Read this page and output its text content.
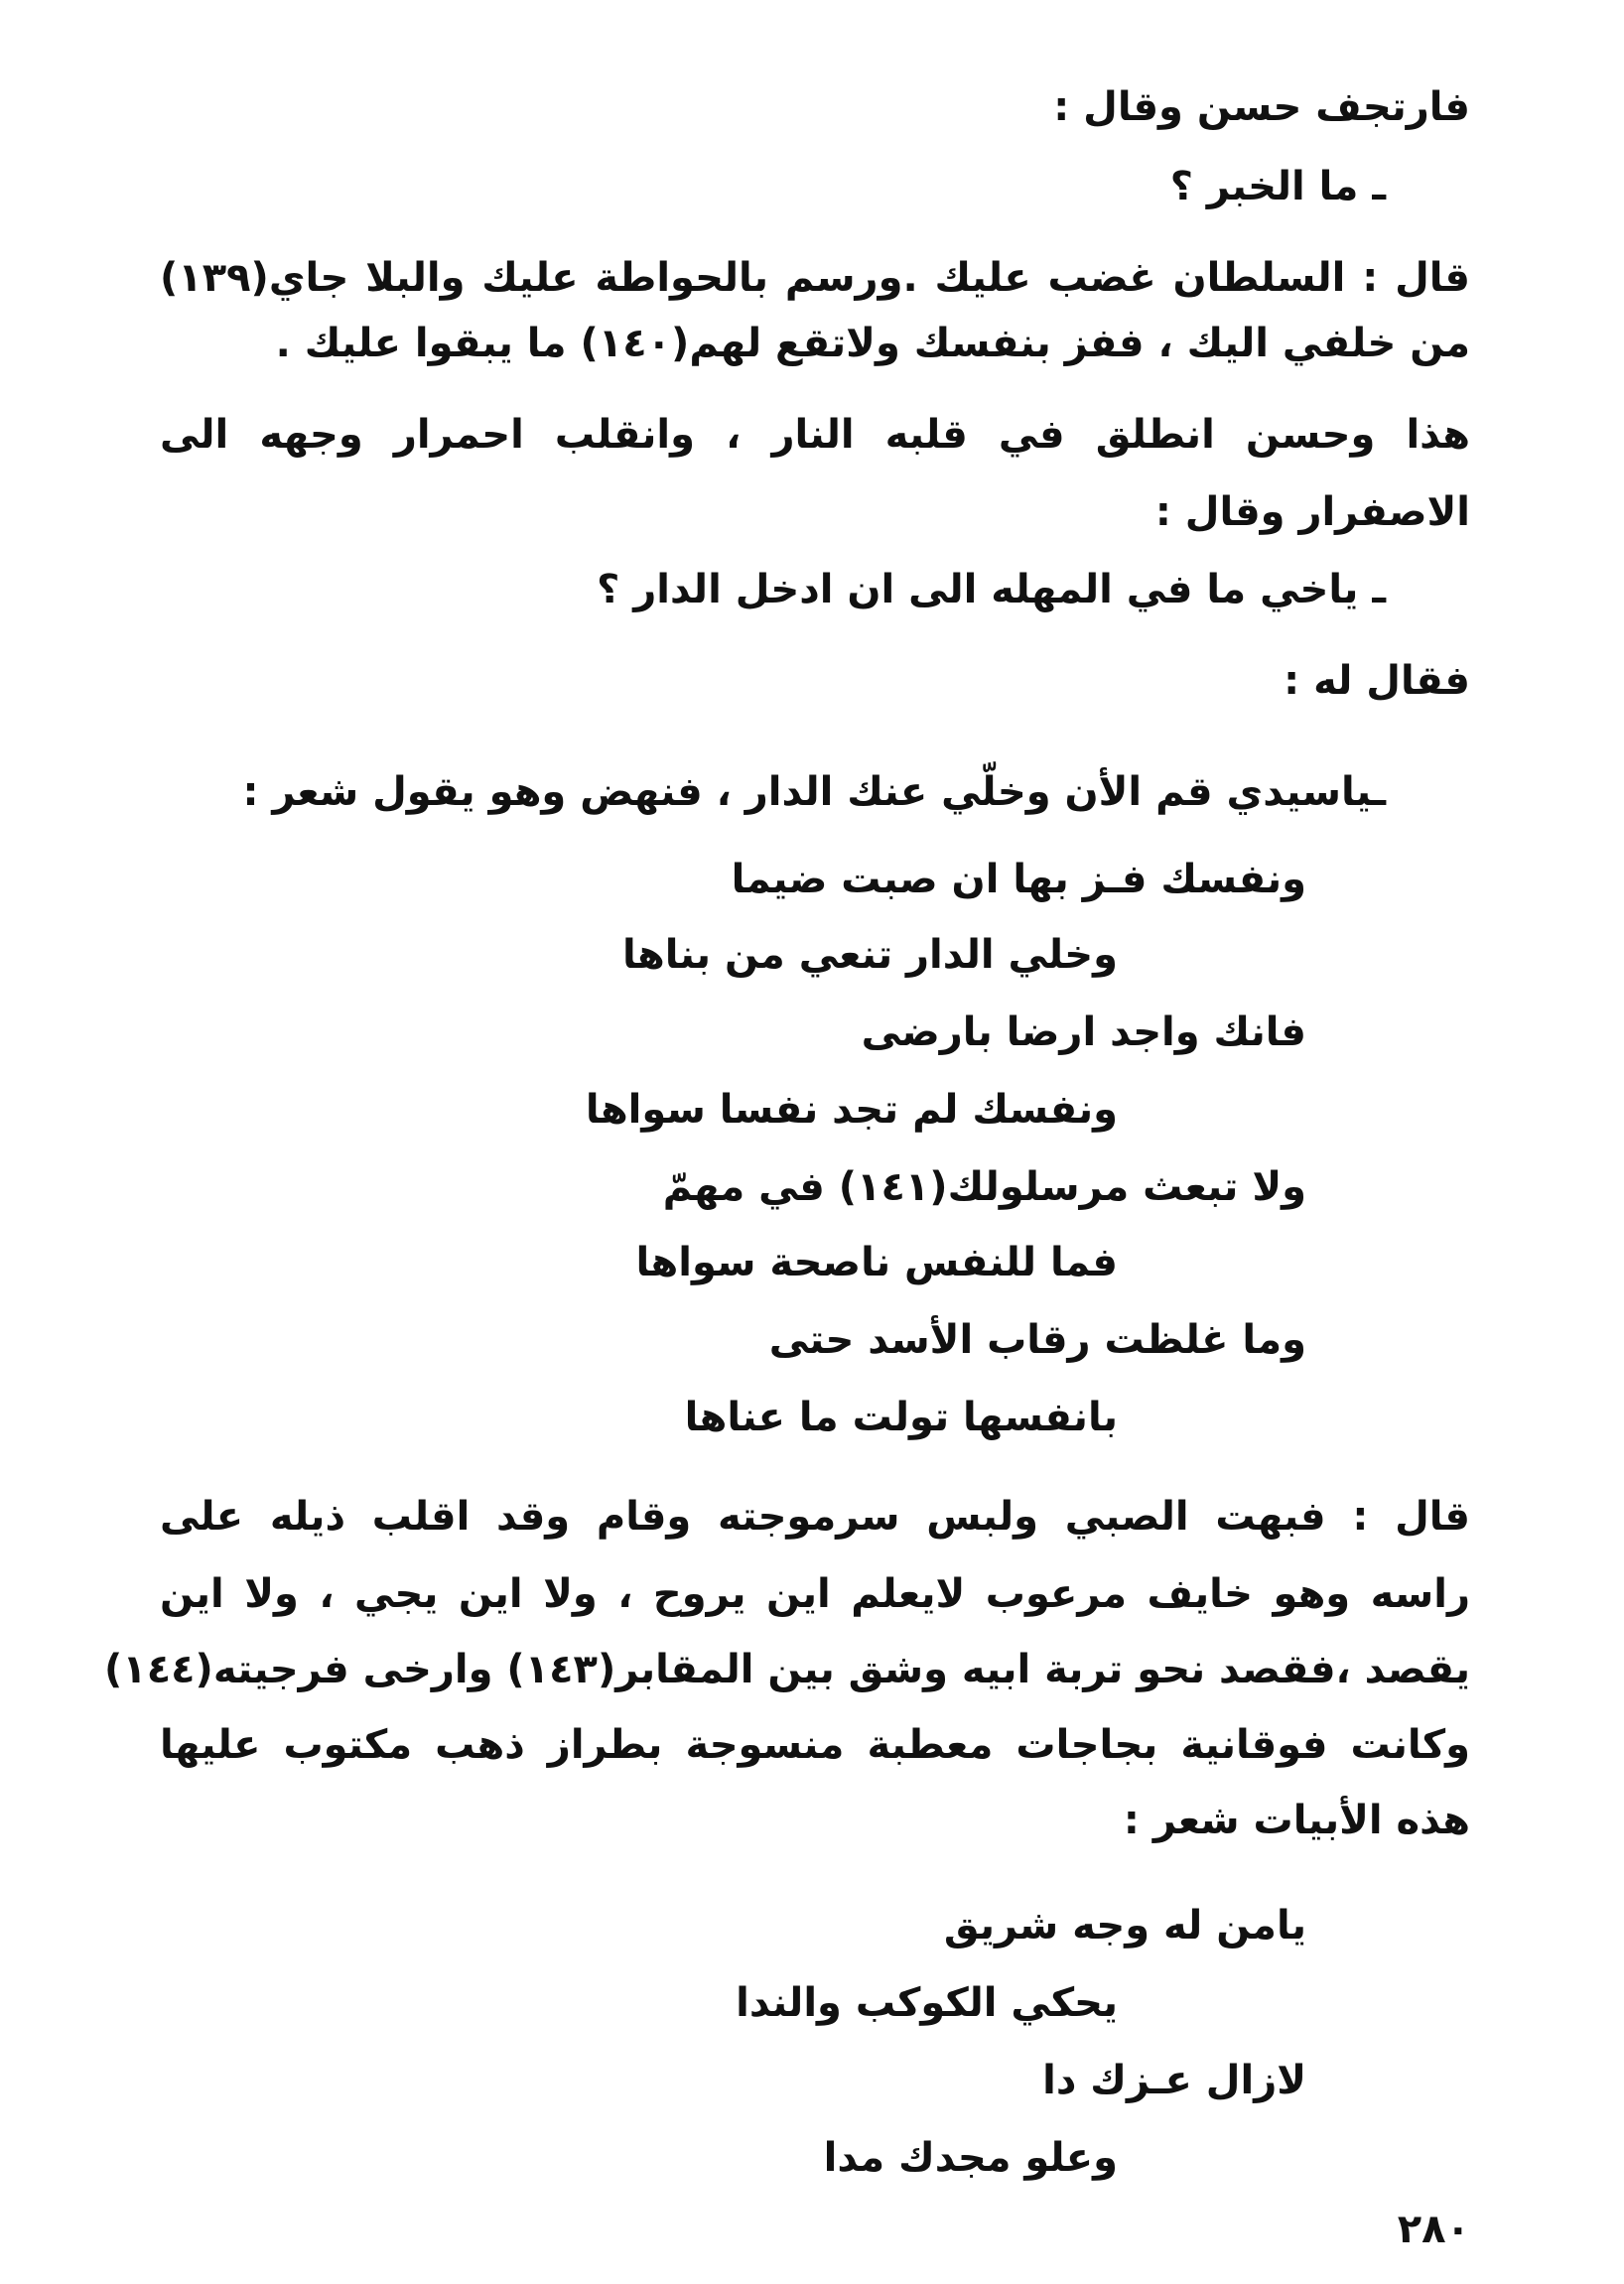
فارتجف حسن وقال :
ـ ما الخبر ؟
قال : السلطان غضب عليك .ورسم بالحواطة عليك والبلا جاي(١٣٩)
من خلفي اليك ، ففز بنفسك ولاتقع لهم(١٤٠) ما يبقوا عليك .
هذا وحسن انطلق في قلبه النار ، وانقلب احمرار وجهه الى
الاصفرار وقال :
ـ ياخي ما في المهله الى ان ادخل الدار ؟
فقال له :
ـياسيدي قم الأن وخلّي عنك الدار ، فنهض وهو يقول شعر :
ونفسك فـز بها ان صبت ضيما
وخلي الدار تنعي من بناها
فانك واجد ارضا بارضى
ونفسك لم تجد نفسا سواها
ولا تبعث مرسلولك(١٤١) في مهمّ
فما للنفس ناصحة سواها
وما غلظت رقاب الأسد حتى
بانفسها تولت ما عناها
قال : فبهت الصبي ولبس سرموجته وقام وقد اقلب ذيله على
راسه وهو خايف مرعوب لايعلم اين يروح ، ولا اين يجي ، ولا اين
يقصد ،فقصد نحو تربة ابيه وشق بين المقابر(١٤٣) وارخى فرجيته(١٤٤)
وكانت فوقانية بجاجات معطبة منسوجة بطراز ذهب مكتوب عليها
هذه الأبيات شعر :
يامن له وجه شريق
يحكي الكوكب والندا
لازال عـزك دا
وعلو مجدك مدا
٢٨٠
